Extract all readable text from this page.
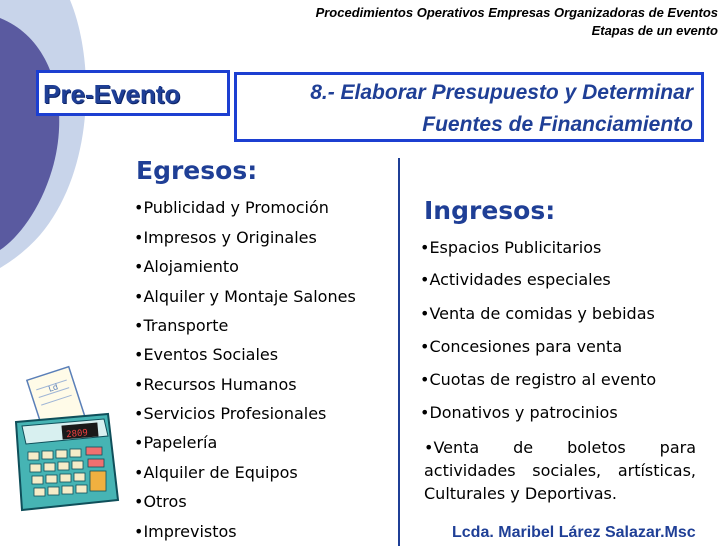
Procedimientos Operativos Empresas Organizadoras de Eventos
Etapas de un evento
Pre-Evento	8.- Elaborar Presupuesto y Determinar
Fuentes de Financiamiento
Egresos:
•Publicidad y Promoción
•Impresos y Originales
•Alojamiento
•Alquiler y Montaje Salones
•Transporte
•Eventos Sociales
•Recursos Humanos
•Servicios Profesionales
•Papelería
•Alquiler de Equipos
•Otros
•Imprevistos
Ingresos:
•Espacios Publicitarios
•Actividades especiales
•Venta de comidas y bebidas
•Concesiones para venta
•Cuotas de registro al evento
•Donativos y patrocinios
•Venta de boletos para actividades sociales, artísticas, Culturales y Deportivas.
Ld
2809
Lcda. Maribel Lárez Salazar.Msc
